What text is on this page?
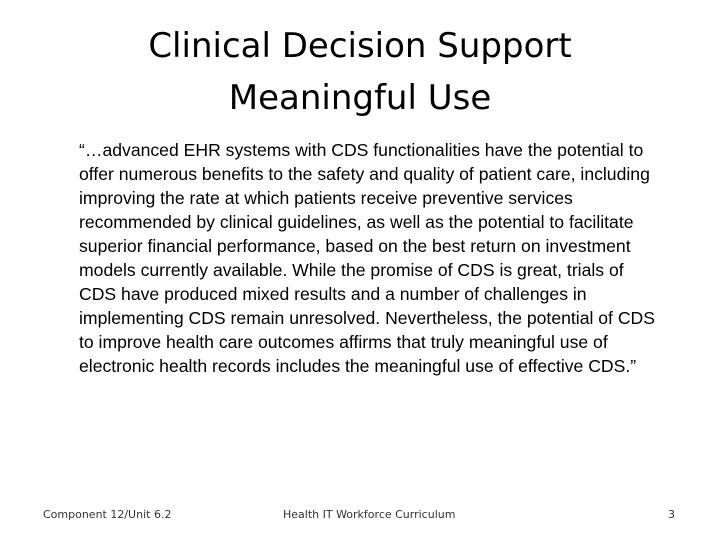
Clinical Decision Support
Meaningful Use

“…advanced EHR systems with CDS functionalities have the potential to offer numerous benefits to the safety and quality of patient care, including improving the rate at which patients receive preventive services recommended by clinical guidelines, as well as the potential to facilitate superior financial performance, based on the best return on investment models currently available. While the promise of CDS is great, trials of CDS have produced mixed results and a number of challenges in implementing CDS remain unresolved. Nevertheless, the potential of CDS to improve health care outcomes affirms that truly meaningful use of electronic health records includes the meaningful use of effective CDS.”

Component 12/Unit 6.2	Health IT Workforce Curriculum	3
